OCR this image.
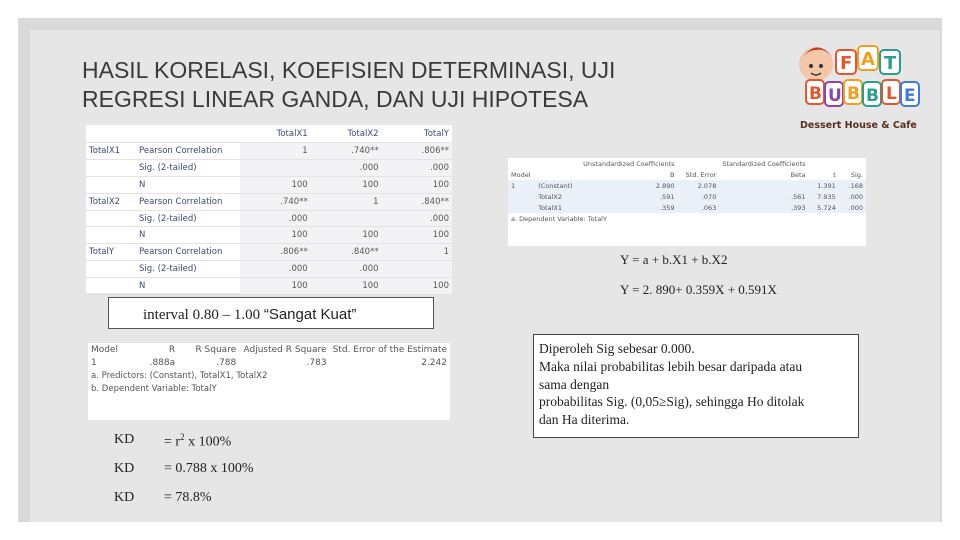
HASIL KORELASI, KOEFISIEN DETERMINASI, UJI
REGRESI LINEAR GANDA, DAN UJI HIPOTESA
F A T
B U B B L E
Dessert House & Cafe
		TotalX1	TotalX2	TotalY
TotalX1	Pearson Correlation	1	.740**	.806**
	Sig. (2-tailed)		.000	.000
	N	100	100	100
TotalX2	Pearson Correlation	.740**	1	.840**
	Sig. (2-tailed)	.000		.000
	N	100	100	100
TotalY	Pearson Correlation	.806**	.840**	1
	Sig. (2-tailed)	.000	.000	
	N	100	100	100
		Unstandardized Coefficients		Standardized Coefficients		
Model		B	Std. Error	Beta	t	Sig.
1	(Constant)	2.890	2.078		1.391	.168
	TotalX2	.591	.070	.561	7.935	.000
	TotalX1	.359	.063	.393	5.724	.000
a. Dependent Variable: TotalY						
Y = a + b.X1 + b.X2
Y = 2. 890+ 0.359X + 0.591X
interval 0.80 – 1.00 “Sangat Kuat”
Model	R	R Square	Adjusted R Square	Std. Error of the Estimate
1	.888a	.788	.783	2.242
a. Predictors: (Constant), TotalX1, TotalX2				
b. Dependent Variable: TotalY				
Diperoleh Sig sebesar 0.000.
Maka nilai probabilitas lebih besar daripada atau
sama dengan
probabilitas Sig. (0,05≥Sig), sehingga Ho ditolak
dan Ha diterima.
KD = $r^2$ x 100%
KD = 0.788 x 100%
KD = 78.8%
